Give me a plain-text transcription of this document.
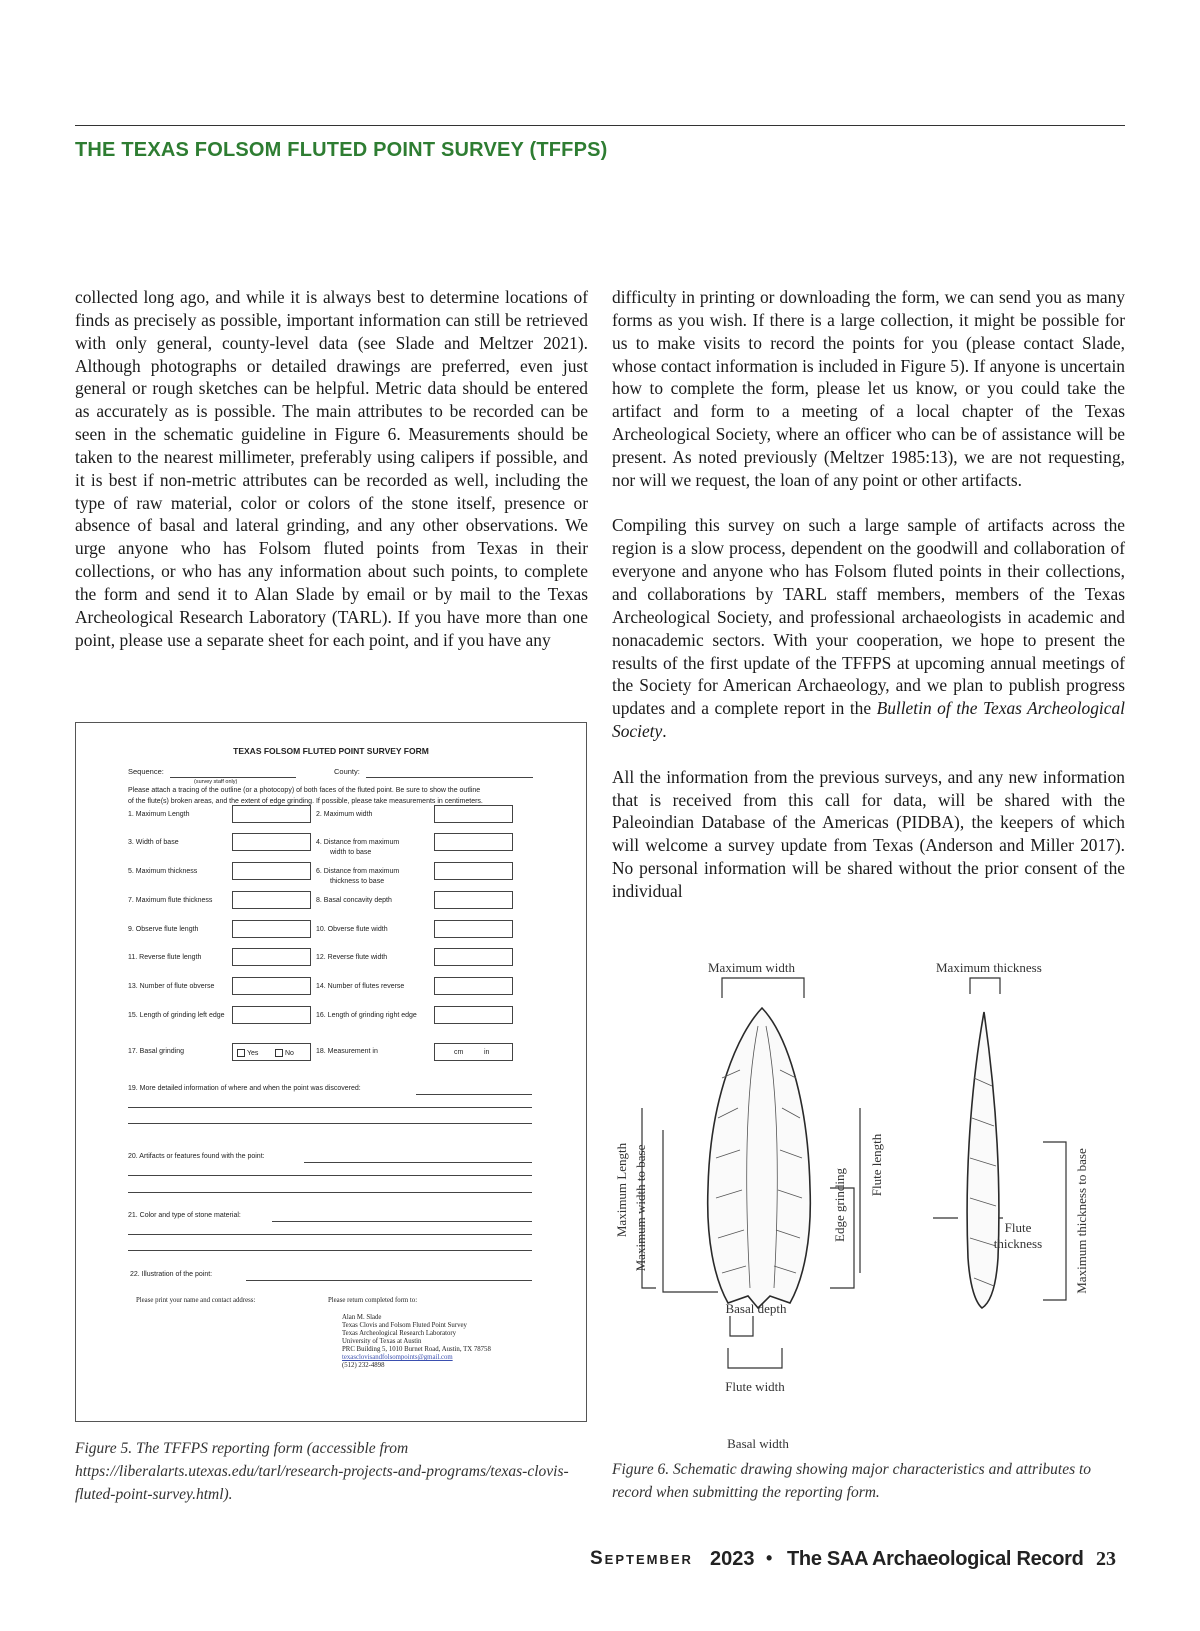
THE TEXAS FOLSOM FLUTED POINT SURVEY (TFFPS)

collected long ago, and while it is always best to determine locations of finds as precisely as possible, important information can still be retrieved with only general, county-level data (see Slade and Meltzer 2021). Although photographs or detailed drawings are preferred, even just general or rough sketches can be helpful. Metric data should be entered as accurately as is possible. The main attributes to be recorded can be seen in the schematic guideline in Figure 6. Measurements should be taken to the nearest millimeter, preferably using calipers if possible, and it is best if non-metric attributes can be recorded as well, including the type of raw material, color or colors of the stone itself, presence or absence of basal and lateral grinding, and any other observations. We urge anyone who has Folsom fluted points from Texas in their collections, or who has any information about such points, to complete the form and send it to Alan Slade by email or by mail to the Texas Archeological Research Laboratory (TARL). If you have more than one point, please use a separate sheet for each point, and if you have any

difficulty in printing or downloading the form, we can send you as many forms as you wish. If there is a large collection, it might be possible for us to make visits to record the points for you (please contact Slade, whose contact information is included in Figure 5). If anyone is uncertain how to complete the form, please let us know, or you could take the artifact and form to a meeting of a local chapter of the Texas Archeological Society, where an officer who can be of assistance will be present. As noted previously (Meltzer 1985:13), we are not requesting, nor will we request, the loan of any point or other artifacts.

Compiling this survey on such a large sample of artifacts across the region is a slow process, dependent on the goodwill and collaboration of everyone and anyone who has Folsom fluted points in their collections, and collaborations by TARL staff members, members of the Texas Archeological Society, and professional archaeologists in academic and nonacademic sectors. With your cooperation, we hope to present the results of the first update of the TFFPS at upcoming annual meetings of the Society for American Archaeology, and we plan to publish progress updates and a complete report in the Bulletin of the Texas Archeological Society.

All the information from the previous surveys, and any new information that is received from this call for data, will be shared with the Paleoindian Database of the Americas (PIDBA), the keepers of which will welcome a survey update from Texas (Anderson and Miller 2017). No personal information will be shared without the prior consent of the individual

TEXAS FOLSOM FLUTED POINT SURVEY FORM
Sequence:
(survey staff only)
County:
Please attach a tracing of the outline (or a photocopy) of both faces of the fluted point. Be sure to show the outline
of the flute(s) broken areas, and the extent of edge grinding. If possible, please take measurements in centimeters.
1. Maximum Length	2. Maximum width
3. Width of base	4. Distance from maximum
width to base
5. Maximum thickness	6. Distance from maximum
thickness to base
7. Maximum flute thickness	8. Basal concavity depth
9. Observe flute length	10. Obverse flute width
11. Reverse flute length	12. Reverse flute width
13. Number of flute obverse	14. Number of flutes reverse
15. Length of grinding left edge	16. Length of grinding right edge
17. Basal grinding	Yes	No	18. Measurement in	cm	in
19. More detailed information of where and when the point was discovered:
20. Artifacts or features found with the point:
21. Color and type of stone material:
22. Illustration of the point:
Please print your name and contact address:	Please return completed form to:
Alan M. Slade
Texas Clovis and Folsom Fluted Point Survey
Texas Archeological Research Laboratory
University of Texas at Austin
PRC Building 5, 1010 Burnet Road, Austin, TX 78758
texasclovisandfolsompoints@gmail.com
(512) 232-4898
Figure 5. The TFFPS reporting form (accessible from https://liberalarts.utexas.edu/tarl/research-projects-and-programs/texas-clovis-fluted-point-survey.html).
Maximum width	Maximum thickness
Maximum Length Maximum width to base	Edge grinding
Flute length
Flute
thickness Maximum thickness to base
Basal depth
Flute width
Basal width
Figure 6. Schematic drawing showing major characteristics and attributes to record when submitting the reporting form.
September 2023 • The SAA Archaeological Record 23
